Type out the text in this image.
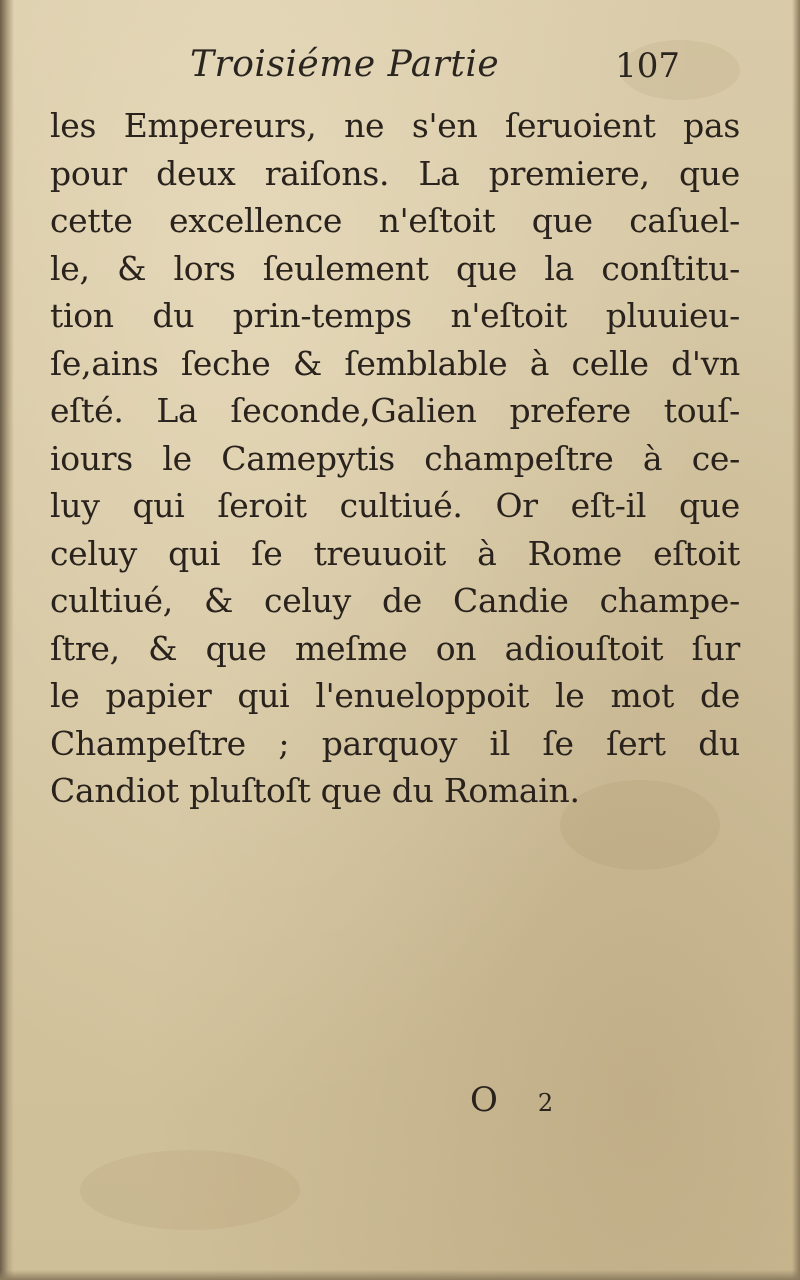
Troisiéme Partie	107
les Empereurs, ne s'en ſeruoient pas
pour deux raiſons. La premiere, que
cette excellence n'eſtoit que caſuel-
le, & lors ſeulement que la conſtitu-
tion du prin-temps n'eſtoit pluuieu-
ſe,ains ſeche & ſemblable à celle d'vn
eſté. La ſeconde,Galien prefere touſ-
iours le Camepytis champeſtre à ce-
luy qui ſeroit cultiué. Or eſt-il que
celuy qui ſe treuuoit à Rome eſtoit
cultiué, & celuy de Candie champe-
ſtre, & que meſme on adiouſtoit ſur
le papier qui l'enueloppoit le mot de
Champeſtre ; parquoy il ſe ſert du
Candiot pluſtoſt que du Romain.
O 2
